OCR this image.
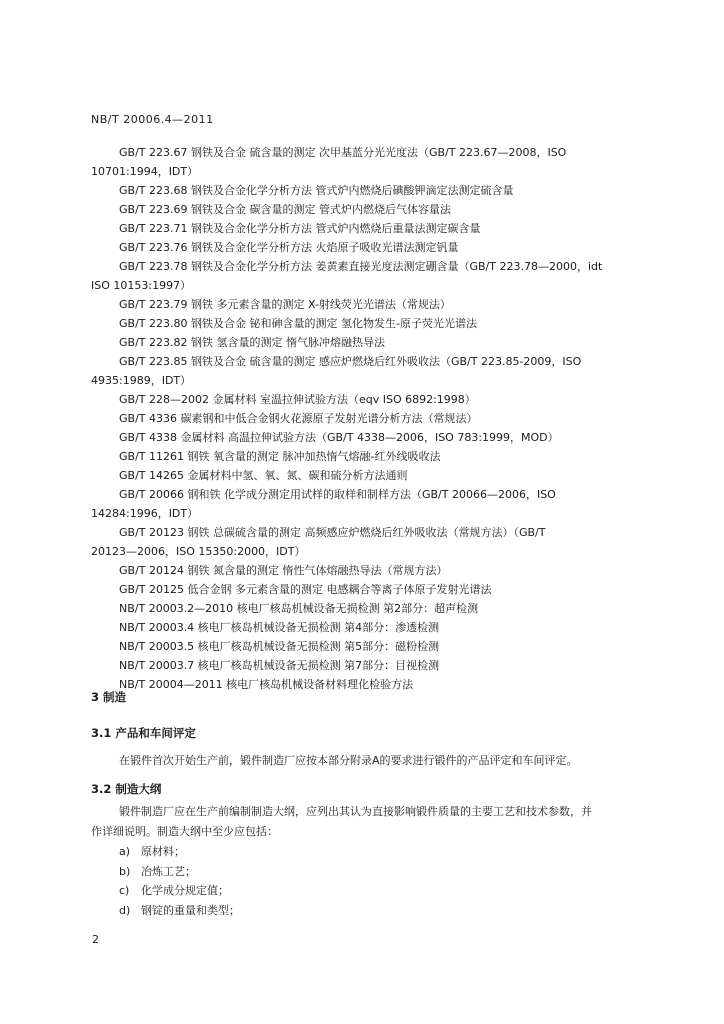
NB/T 20006.4—2011
GB/T 223.67 钢铁及合金 硫含量的测定 次甲基蓝分光光度法（GB/T 223.67—2008，ISO
10701:1994，IDT）
GB/T 223.68 钢铁及合金化学分析方法 管式炉内燃烧后碘酸钾滴定法测定硫含量
GB/T 223.69 钢铁及合金 碳含量的测定 管式炉内燃烧后气体容量法
GB/T 223.71 钢铁及合金化学分析方法 管式炉内燃烧后重量法测定碳含量
GB/T 223.76 钢铁及合金化学分析方法 火焰原子吸收光谱法测定钒量
GB/T 223.78 钢铁及合金化学分析方法 姜黄素直接光度法测定硼含量（GB/T 223.78—2000，idt
ISO 10153:1997）
GB/T 223.79 钢铁 多元素含量的测定 X-射线荧光光谱法（常规法）
GB/T 223.80 钢铁及合金 铋和砷含量的测定 氢化物发生-原子荧光光谱法
GB/T 223.82 钢铁 氢含量的测定 惰气脉冲熔融热导法
GB/T 223.85 钢铁及合金 硫含量的测定 感应炉燃烧后红外吸收法（GB/T 223.85-2009，ISO
4935:1989，IDT）
GB/T 228—2002 金属材料 室温拉伸试验方法（eqv ISO 6892:1998）
GB/T 4336 碳素钢和中低合金钢火花源原子发射光谱分析方法（常规法）
GB/T 4338 金属材料 高温拉伸试验方法（GB/T 4338—2006，ISO 783:1999，MOD）
GB/T 11261 钢铁 氧含量的测定 脉冲加热惰气熔融-红外线吸收法
GB/T 14265 金属材料中氢、氧、氮、碳和硫分析方法通则
GB/T 20066 钢和铁 化学成分测定用试样的取样和制样方法（GB/T 20066—2006，ISO
14284:1996，IDT）
GB/T 20123 钢铁 总碳硫含量的测定 高频感应炉燃烧后红外吸收法（常规方法）（GB/T
20123—2006，ISO 15350:2000，IDT）
GB/T 20124 钢铁 氮含量的测定 惰性气体熔融热导法（常规方法）
GB/T 20125 低合金钢 多元素含量的测定 电感耦合等离子体原子发射光谱法
NB/T 20003.2—2010 核电厂核岛机械设备无损检测 第2部分：超声检测
NB/T 20003.4 核电厂核岛机械设备无损检测 第4部分：渗透检测
NB/T 20003.5 核电厂核岛机械设备无损检测 第5部分：磁粉检测
NB/T 20003.7 核电厂核岛机械设备无损检测 第7部分：目视检测
NB/T 20004—2011 核电厂核岛机械设备材料理化检验方法
3 制造
3.1 产品和车间评定
在锻件首次开始生产前，锻件制造厂应按本部分附录A的要求进行锻件的产品评定和车间评定。
3.2 制造大纲
锻件制造厂应在生产前编制制造大纲，应列出其认为直接影响锻件质量的主要工艺和技术参数，并
作详细说明。制造大纲中至少应包括：
a) 原材料；
b) 冶炼工艺；
c) 化学成分规定值；
d) 钢锭的重量和类型；
2
